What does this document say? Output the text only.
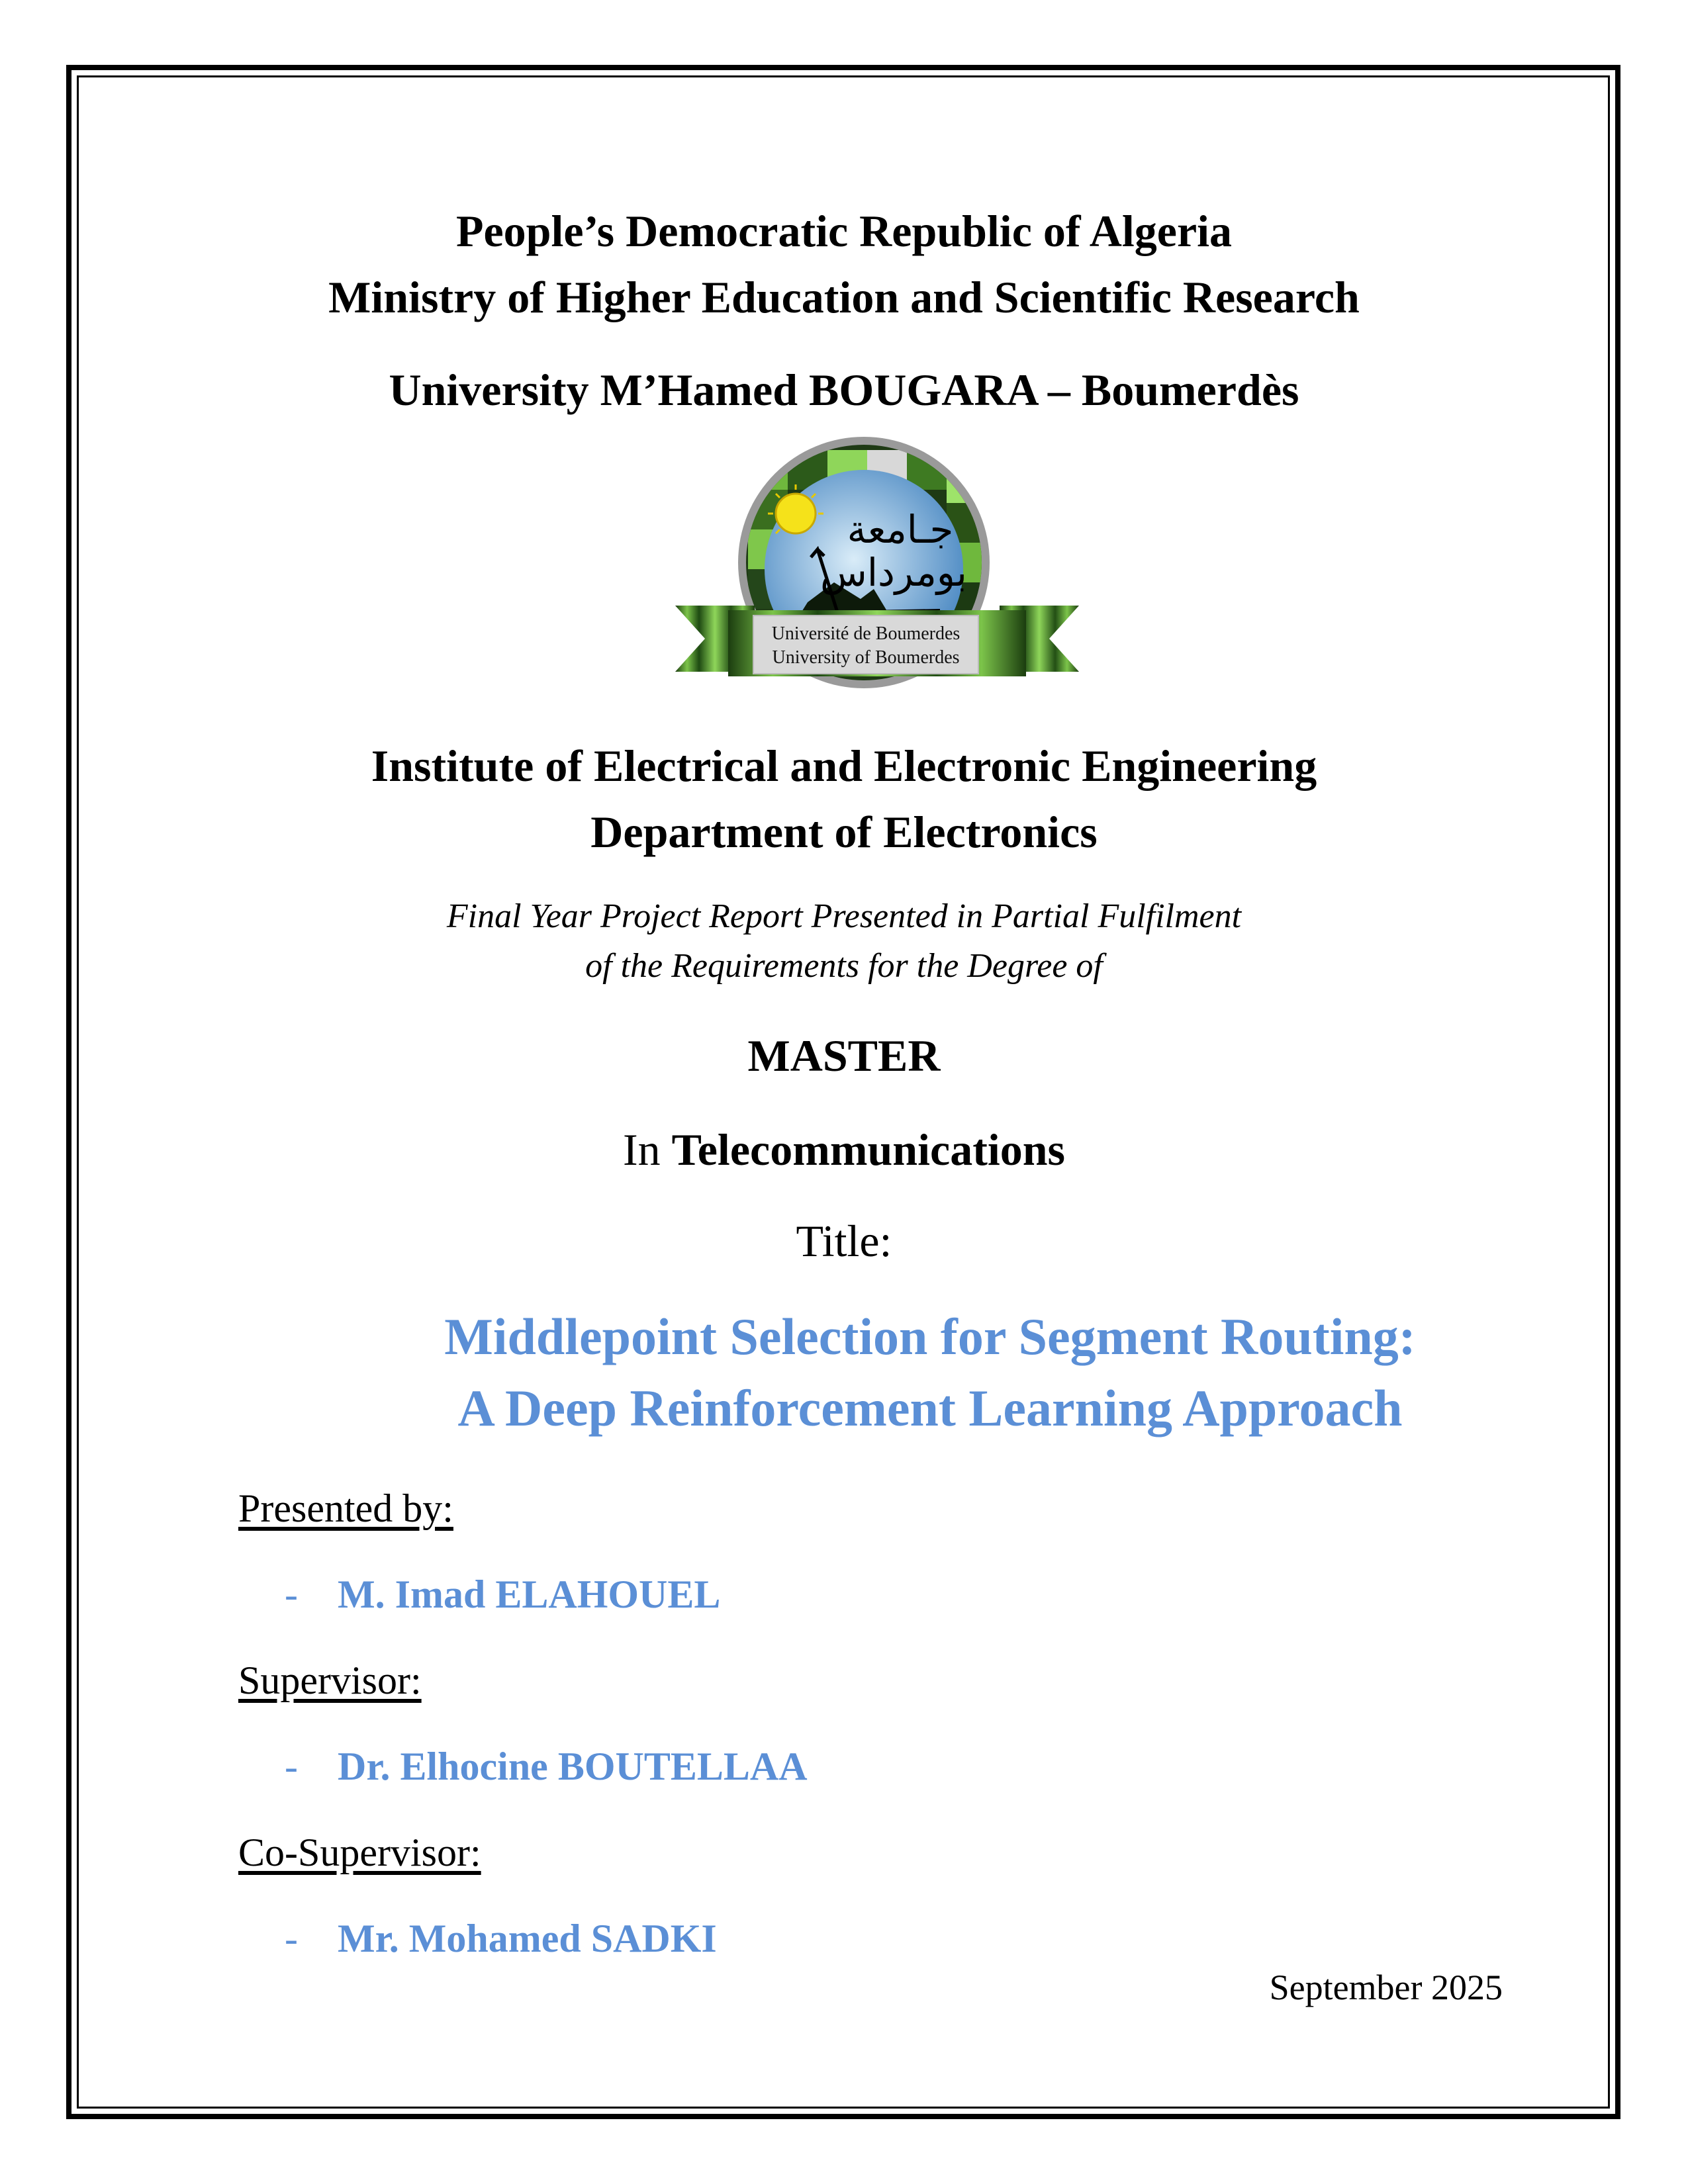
People’s Democratic Republic of Algeria
Ministry of Higher Education and Scientific Research
University M’Hamed BOUGARA – Boumerdès
جـامعة
بومرداس
Université de Boumerdes
University of Boumerdes
Institute of Electrical and Electronic Engineering
Department of Electronics
Final Year Project Report Presented in Partial Fulfilment
of the Requirements for the Degree of
MASTER
In Telecommunications
Title:
Middlepoint Selection for Segment Routing:
A Deep Reinforcement Learning Approach
Presented by:
- M. Imad ELAHOUEL
Supervisor:
- Dr. Elhocine BOUTELLAA
Co-Supervisor:
- Mr. Mohamed SADKI
September 2025
